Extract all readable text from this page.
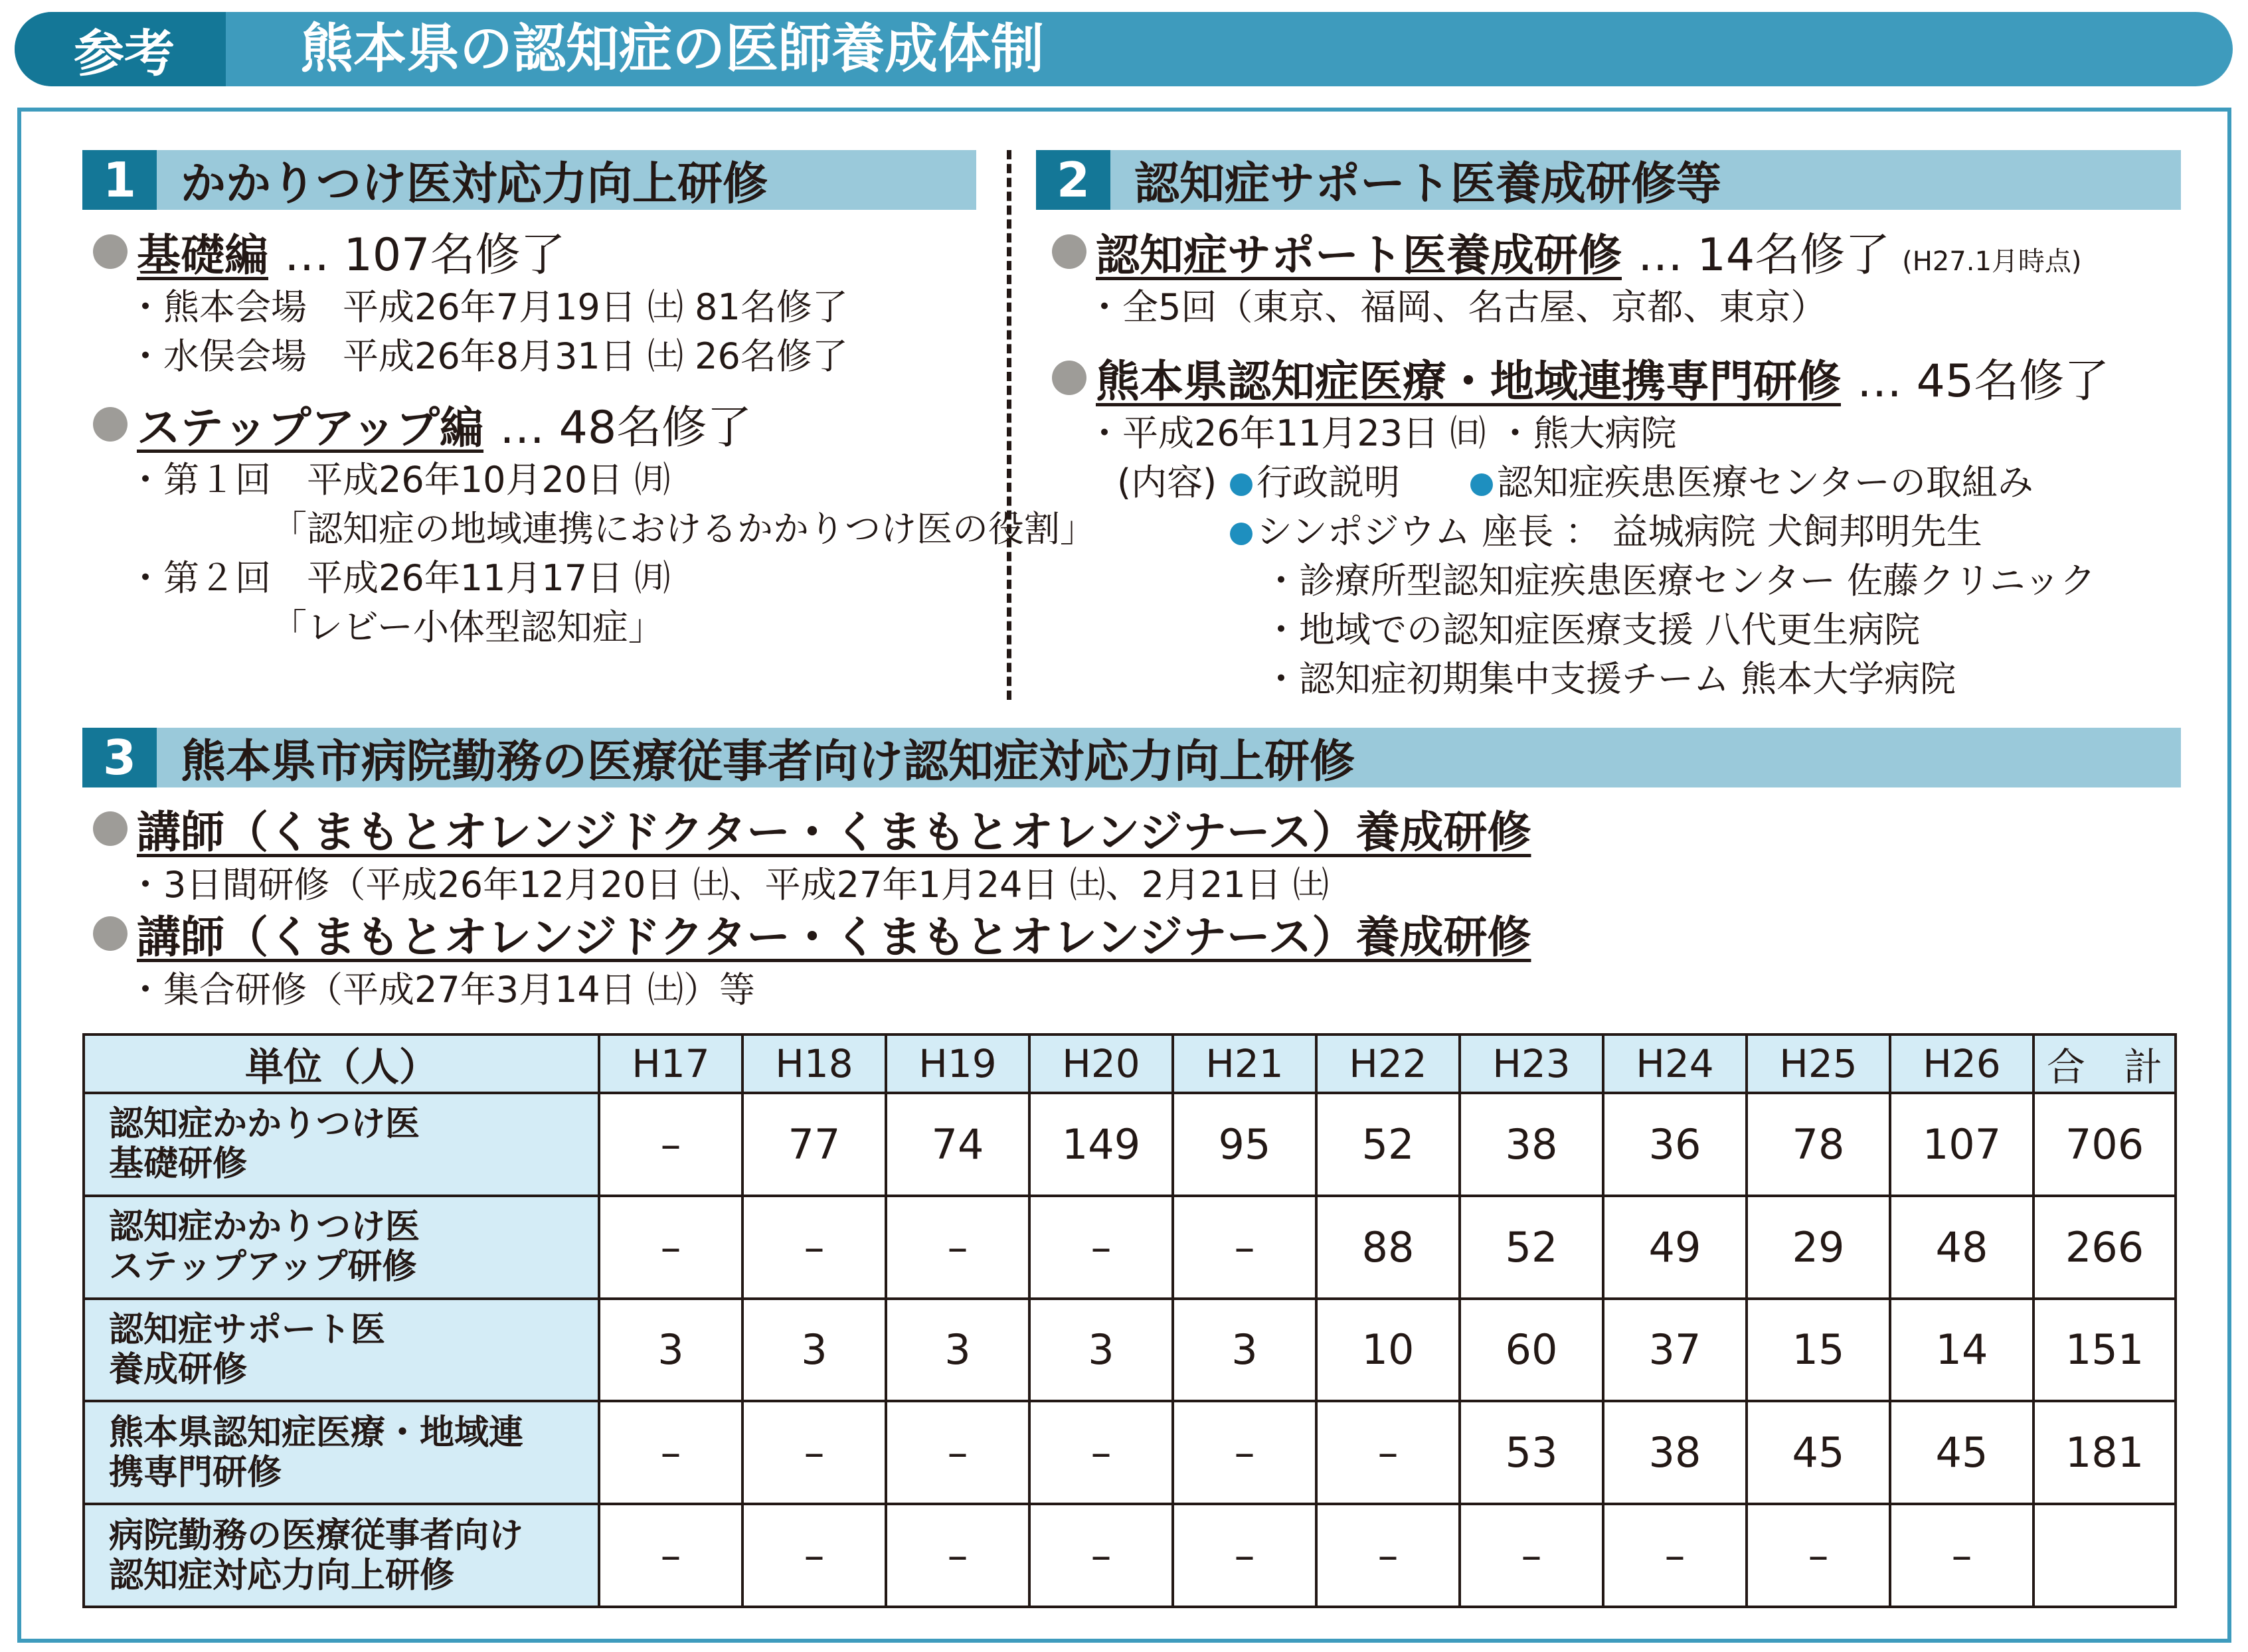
参考	熊本県の認知症の医師養成体制
1 かかりつけ医対応力向上研修
基礎編 … 107名修了
・熊本会場　平成26年7月19日 ㈯ 81名修了
・水俣会場　平成26年8月31日 ㈯ 26名修了
ステップアップ編 … 48名修了
・第１回　平成26年10月20日 ㈪
「認知症の地域連携におけるかかりつけ医の役割」
・第２回　平成26年11月17日 ㈪
「レビー小体型認知症」
2 認知症サポート医養成研修等
認知症サポート医養成研修 … 14名修了 (H27.1月時点)
・全5回（東京、福岡、名古屋、京都、東京）
熊本県認知症医療・地域連携専門研修 … 45名修了
・平成26年11月23日 ㈰ ・熊大病院
(内容)	行政説明	認知症疾患医療センターの取組み
シンポジウム 座長 ： 益城病院 犬飼邦明先生
・診療所型認知症疾患医療センター 佐藤クリニック
・地域での認知症医療支援 八代更生病院
・認知症初期集中支援チーム 熊本大学病院
3 熊本県市病院勤務の医療従事者向け認知症対応力向上研修
講師（くまもとオレンジドクター・くまもとオレンジナース）養成研修
・3日間研修（平成26年12月20日 ㈯、平成27年1月24日 ㈯、2月21日 ㈯
講師（くまもとオレンジドクター・くまもとオレンジナース）養成研修
・集合研修（平成27年3月14日 ㈯）等
単位（人）	H17	H18	H19	H20	H21	H22	H23	H24	H25	H26	合　計
認知症かかりつけ医
基礎研修	–	77	74	149	95	52	38	36	78	107	706
認知症かかりつけ医
ステップアップ研修	–	–	–	–	–	88	52	49	29	48	266
認知症サポート医
養成研修	3	3	3	3	3	10	60	37	15	14	151
熊本県認知症医療・地域連
携専門研修	–	–	–	–	–	–	53	38	45	45	181
病院勤務の医療従事者向け
認知症対応力向上研修	–	–	–	–	–	–	–	–	–	–	
